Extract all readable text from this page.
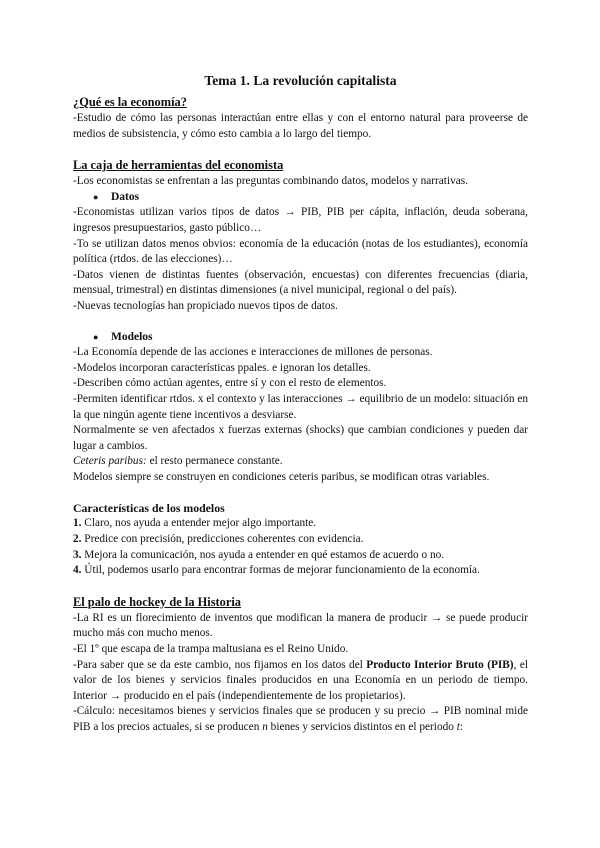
Tema 1. La revolución capitalista

¿Qué es la economía?

-Estudio de cómo las personas interactúan entre ellas y con el entorno natural para proveerse de medios de subsistencia, y cómo esto cambia a lo largo del tiempo.

La caja de herramientas del economista

-Los economistas se enfrentan a las preguntas combinando datos, modelos y narrativas.

●	Datos

-Economistas utilizan varios tipos de datos → PIB, PIB per cápita, inflación, deuda soberana, ingresos presupuestarios, gasto público…

-To se utilizan datos menos obvios: economía de la educación (notas de los estudiantes), economía política (rtdos. de las elecciones)…

-Datos vienen de distintas fuentes (observación, encuestas) con diferentes frecuencias (diaria, mensual, trimestral) en distintas dimensiones (a nivel municipal, regional o del país).

-Nuevas tecnologías han propiciado nuevos tipos de datos.

●	Modelos

-La Economía depende de las acciones e interacciones de millones de personas.

-Modelos incorporan características ppales. e ignoran los detalles.

-Describen cómo actúan agentes, entre sí y con el resto de elementos.

-Permiten identificar rtdos. x el contexto y las interacciones → equilibrio de un modelo: situación en la que ningún agente tiene incentivos a desviarse.

Normalmente se ven afectados x fuerzas externas (shocks) que cambian condiciones y pueden dar lugar a cambios.

Ceteris paribus: el resto permanece constante.

Modelos siempre se construyen en condiciones ceteris paribus, se modifican otras variables.

Características de los modelos

1. Claro, nos ayuda a entender mejor algo importante.

2. Predice con precisión, predicciones coherentes con evidencia.

3. Mejora la comunicación, nos ayuda a entender en qué estamos de acuerdo o no.

4. Útil, podemos usarlo para encontrar formas de mejorar funcionamiento de la economía.

El palo de hockey de la Historia

-La RI es un florecimiento de inventos que modifican la manera de producir → se puede producir mucho más con mucho menos.

-El 1º que escapa de la trampa maltusiana es el Reino Unido.

-Para saber que se da este cambio, nos fijamos en los datos del Producto Interior Bruto (PIB), el valor de los bienes y servicios finales producidos en una Economía en un periodo de tiempo. Interior → producido en el país (independientemente de los propietarios).

-Cálculo: necesitamos bienes y servicios finales que se producen y su precio → PIB nominal mide PIB a los precios actuales, si se producen n bienes y servicios distintos en el periodo t:
